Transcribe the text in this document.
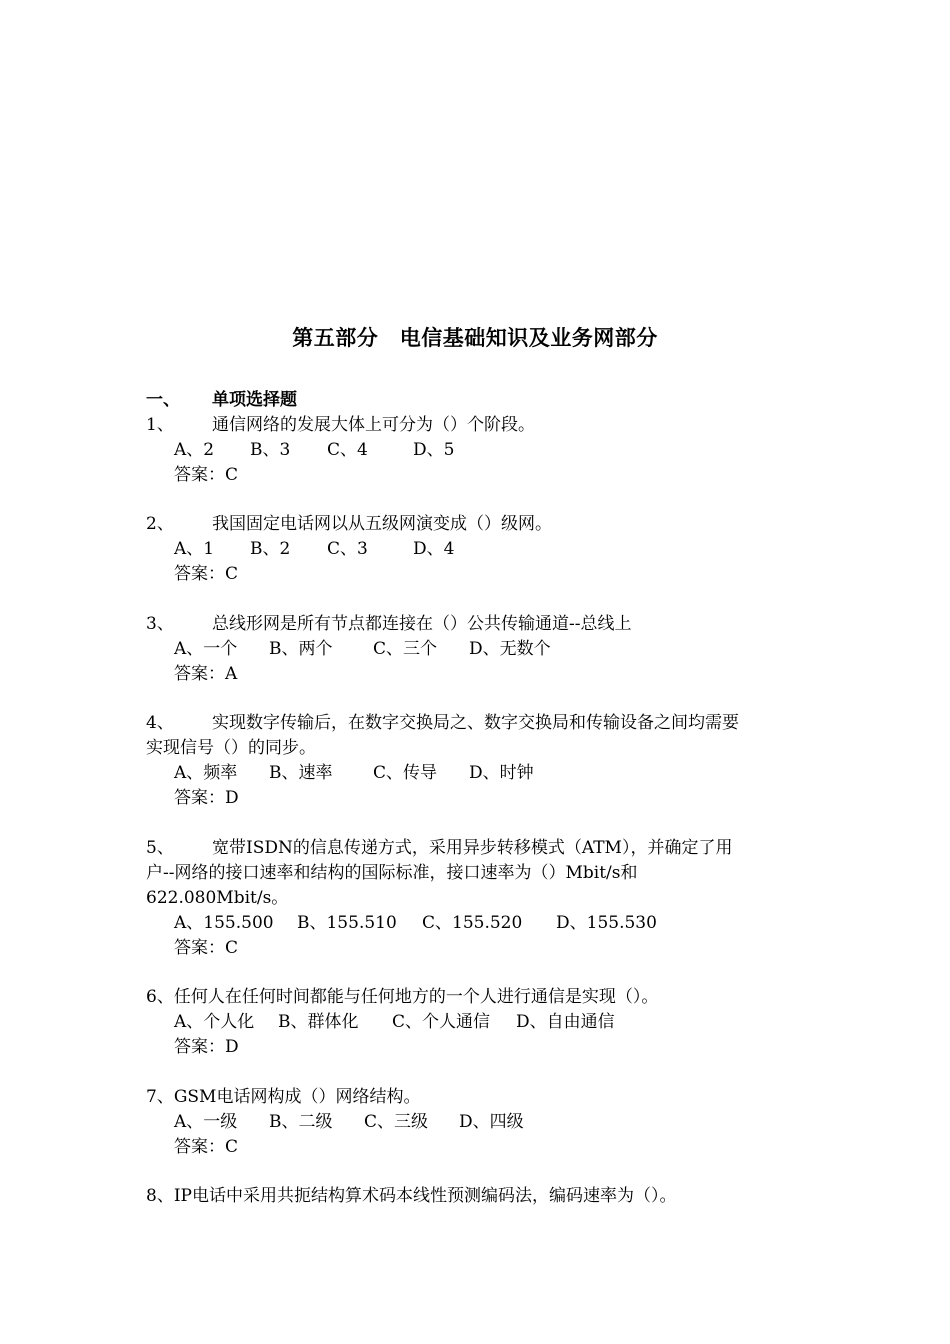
第五部分　电信基础知识及业务网部分
一、 单项选择题
1、 通信网络的发展大体上可分为（）个阶段。
A、2 B、3 C、4	D、5
答案：C
2、 我国固定电话网以从五级网演变成（）级网。
A、1 B、2 C、3	D、4
答案：C
3、 总线形网是所有节点都连接在（）公共传输通道--总线上
A、一个 B、两个 C、三个 D、无数个
答案：A
4、 实现数字传输后，在数字交换局之、数字交换局和传输设备之间均需要
实现信号（）的同步。
A、频率 B、速率 C、传导 D、时钟
答案：D
5、 宽带ISDN的信息传递方式，采用异步转移模式（ATM），并确定了用
户--网络的接口速率和结构的国际标准，接口速率为（）Mbit/s和
622.080Mbit/s。
A、155.500 B、155.510 C、155.520 D、155.530
答案：C
6、任何人在任何时间都能与任何地方的一个人进行通信是实现（）。
A、个人化 B、群体化 C、个人通信 D、自由通信
答案：D
7、GSM电话网构成（）网络结构。
A、一级 B、二级 C、三级 D、四级
答案：C
8、IP电话中采用共扼结构算术码本线性预测编码法，编码速率为（）。
